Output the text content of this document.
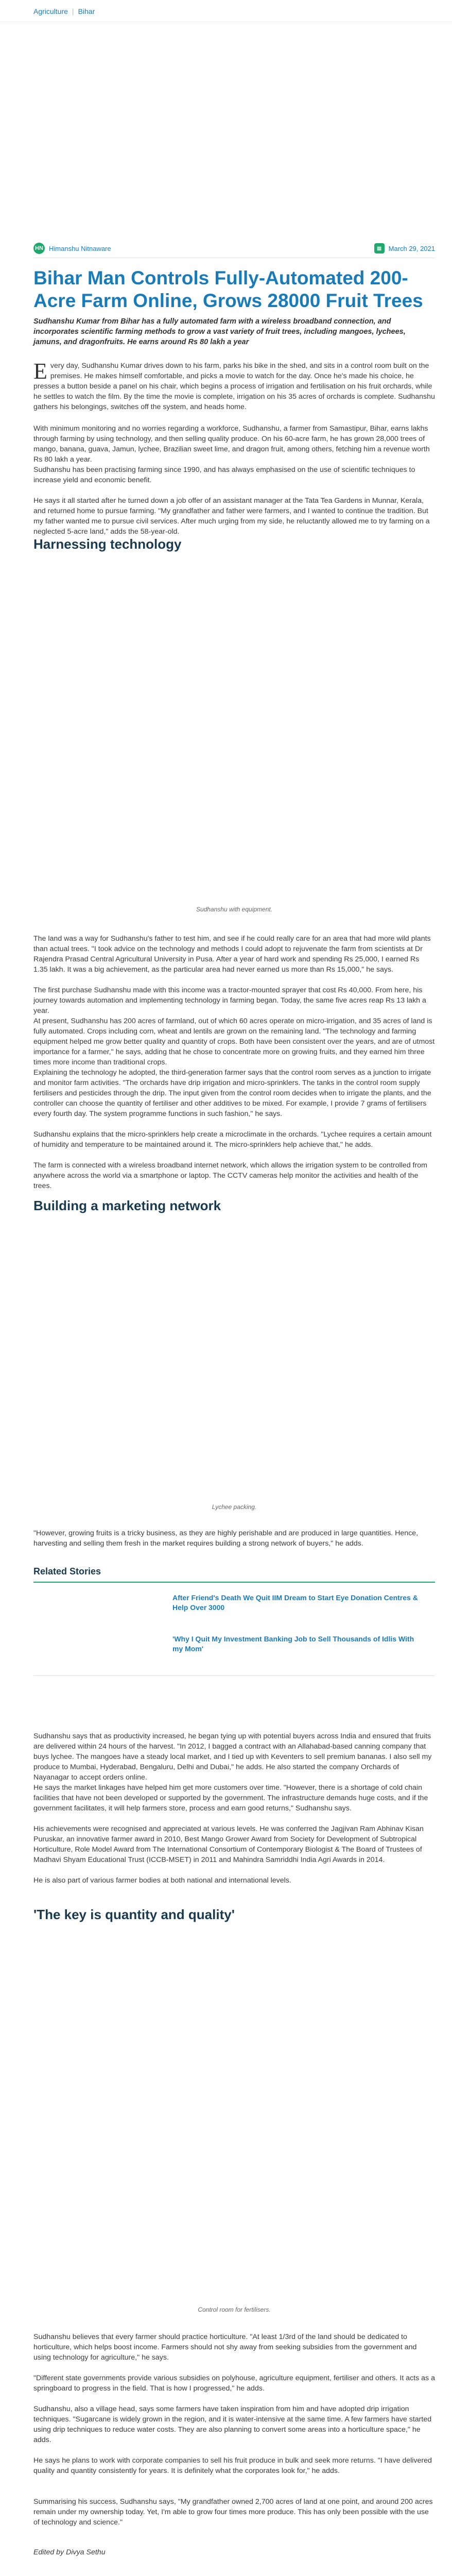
Agriculture | Bihar
HN Himanshu Nitnaware	▦	March 29, 2021
Bihar Man Controls Fully-Automated 200-Acre Farm Online, Grows 28000 Fruit Trees

Sudhanshu Kumar from Bihar has a fully automated farm with a wireless broadband connection, and incorporates scientific farming methods to grow a vast variety of fruit trees, including mangoes, lychees, jamuns, and dragonfruits. He earns around Rs 80 lakh a year

Every day, Sudhanshu Kumar drives down to his farm, parks his bike in the shed, and sits in a control room built on the premises. He makes himself comfortable, and picks a movie to watch for the day. Once he's made his choice, he presses a button beside a panel on his chair, which begins a process of irrigation and fertilisation on his fruit orchards, while he settles to watch the film. By the time the movie is complete, irrigation on his 35 acres of orchards is complete. Sudhanshu gathers his belongings, switches off the system, and heads home.

With minimum monitoring and no worries regarding a workforce, Sudhanshu, a farmer from Samastipur, Bihar, earns lakhs through farming by using technology, and then selling quality produce. On his 60-acre farm, he has grown 28,000 trees of mango, banana, guava, Jamun, lychee, Brazilian sweet lime, and dragon fruit, among others, fetching him a revenue worth Rs 80 lakh a year.

Sudhanshu has been practising farming since 1990, and has always emphasised on the use of scientific techniques to increase yield and economic benefit.

He says it all started after he turned down a job offer of an assistant manager at the Tata Tea Gardens in Munnar, Kerala, and returned home to pursue farming. "My grandfather and father were farmers, and I wanted to continue the tradition. But my father wanted me to pursue civil services. After much urging from my side, he reluctantly allowed me to try farming on a neglected 5-acre land," adds the 58-year-old.

Harnessing technology

Sudhanshu with equipment.

The land was a way for Sudhanshu's father to test him, and see if he could really care for an area that had more wild plants than actual trees. "I took advice on the technology and methods I could adopt to rejuvenate the farm from scientists at Dr Rajendra Prasad Central Agricultural University in Pusa. After a year of hard work and spending Rs 25,000, I earned Rs 1.35 lakh. It was a big achievement, as the particular area had never earned us more than Rs 15,000," he says.

The first purchase Sudhanshu made with this income was a tractor-mounted sprayer that cost Rs 40,000. From here, his journey towards automation and implementing technology in farming began. Today, the same five acres reap Rs 13 lakh a year.

At present, Sudhanshu has 200 acres of farmland, out of which 60 acres operate on micro-irrigation, and 35 acres of land is fully automated. Crops including corn, wheat and lentils are grown on the remaining land. "The technology and farming equipment helped me grow better quality and quantity of crops. Both have been consistent over the years, and are of utmost importance for a farmer," he says, adding that he chose to concentrate more on growing fruits, and they earned him three times more income than traditional crops.

Explaining the technology he adopted, the third-generation farmer says that the control room serves as a junction to irrigate and monitor farm activities. "The orchards have drip irrigation and micro-sprinklers. The tanks in the control room supply fertilisers and pesticides through the drip. The input given from the control room decides when to irrigate the plants, and the controller can choose the quantity of fertiliser and other additives to be mixed. For example, I provide 7 grams of fertilisers every fourth day. The system programme functions in such fashion," he says.

Sudhanshu explains that the micro-sprinklers help create a microclimate in the orchards. "Lychee requires a certain amount of humidity and temperature to be maintained around it. The micro-sprinklers help achieve that," he adds.

The farm is connected with a wireless broadband internet network, which allows the irrigation system to be controlled from anywhere across the world via a smartphone or laptop. The CCTV cameras help monitor the activities and health of the trees.

Building a marketing network

Lychee packing.

"However, growing fruits is a tricky business, as they are highly perishable and are produced in large quantities. Hence, harvesting and selling them fresh in the market requires building a strong network of buyers," he adds.

Related Stories
After Friend's Death We Quit IIM Dream to Start Eye Donation Centres & Help Over 3000
'Why I Quit My Investment Banking Job to Sell Thousands of Idlis With my Mom'

Sudhanshu says that as productivity increased, he began tying up with potential buyers across India and ensured that fruits are delivered within 24 hours of the harvest. "In 2012, I bagged a contract with an Allahabad-based canning company that buys lychee. The mangoes have a steady local market, and I tied up with Keventers to sell premium bananas. I also sell my produce to Mumbai, Hyderabad, Bengaluru, Delhi and Dubai," he adds. He also started the company Orchards of Nayanagar to accept orders online.

He says the market linkages have helped him get more customers over time. "However, there is a shortage of cold chain facilities that have not been developed or supported by the government. The infrastructure demands huge costs, and if the government facilitates, it will help farmers store, process and earn good returns," Sudhanshu says.

His achievements were recognised and appreciated at various levels. He was conferred the Jagjivan Ram Abhinav Kisan Puruskar, an innovative farmer award in 2010, Best Mango Grower Award from Society for Development of Subtropical Horticulture, Role Model Award from The International Consortium of Contemporary Biologist & The Board of Trustees of Madhavi Shyam Educational Trust (ICCB-MSET) in 2011 and Mahindra Samriddhi India Agri Awards in 2014.

He is also part of various farmer bodies at both national and international levels.

'The key is quantity and quality'

Control room for fertilisers.

Sudhanshu believes that every farmer should practice horticulture. "At least 1/3rd of the land should be dedicated to horticulture, which helps boost income. Farmers should not shy away from seeking subsidies from the government and using technology for agriculture," he says.

"Different state governments provide various subsidies on polyhouse, agriculture equipment, fertiliser and others. It acts as a springboard to progress in the field. That is how I progressed," he adds.

Sudhanshu, also a village head, says some farmers have taken inspiration from him and have adopted drip irrigation techniques. "Sugarcane is widely grown in the region, and it is water-intensive at the same time. A few farmers have started using drip techniques to reduce water costs. They are also planning to convert some areas into a horticulture space," he adds.

He says he plans to work with corporate companies to sell his fruit produce in bulk and seek more returns. "I have delivered quality and quantity consistently for years. It is definitely what the corporates look for," he adds.

Summarising his success, Sudhanshu says, "My grandfather owned 2,700 acres of land at one point, and around 200 acres remain under my ownership today. Yet, I'm able to grow four times more produce. This has only been possible with the use of technology and science."

Edited by Divya Sethu
